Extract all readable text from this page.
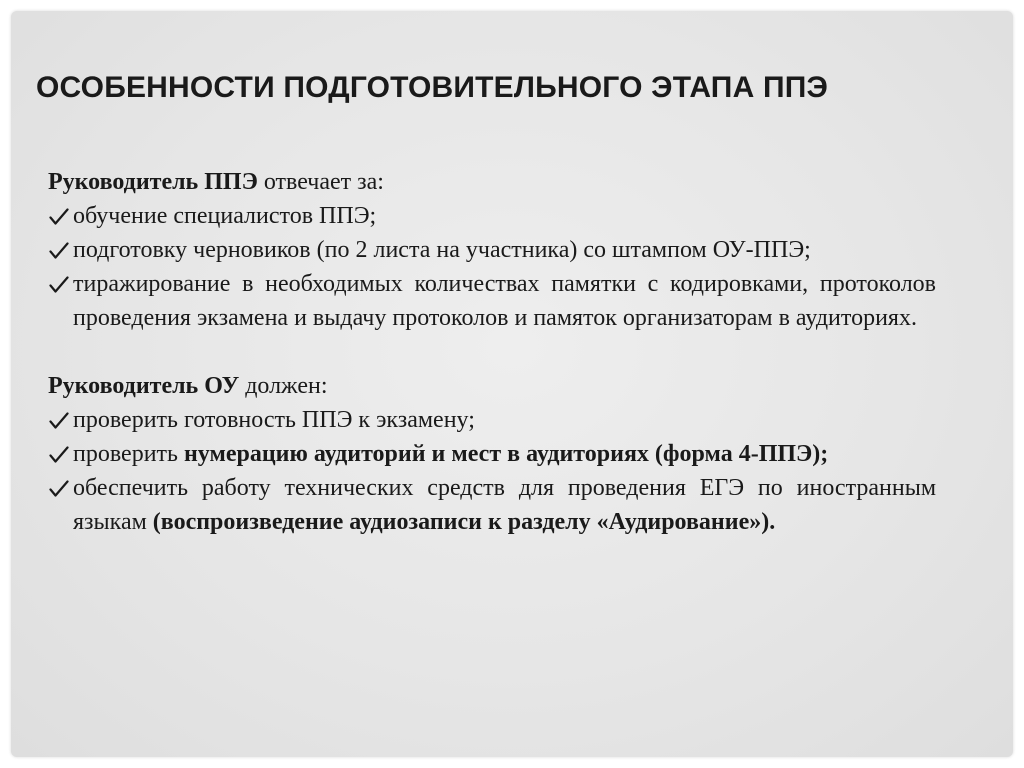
ОСОБЕННОСТИ ПОДГОТОВИТЕЛЬНОГО ЭТАПА ППЭ

Руководитель ППЭ отвечает за:

обучение специалистов ППЭ;
подготовку черновиков (по 2 листа на участника) со штампом ОУ-ППЭ;
тиражирование в необходимых количествах памятки с кодировками, протоколов проведения экзамена и выдачу протоколов и памяток организаторам в аудиториях.

Руководитель ОУ должен:

проверить готовность ППЭ к экзамену;
проверить нумерацию аудиторий и мест в аудиториях (форма 4-ППЭ);
обеспечить работу технических средств для проведения ЕГЭ по иностранным языкам (воспроизведение аудиозаписи к разделу «Аудирование»).
